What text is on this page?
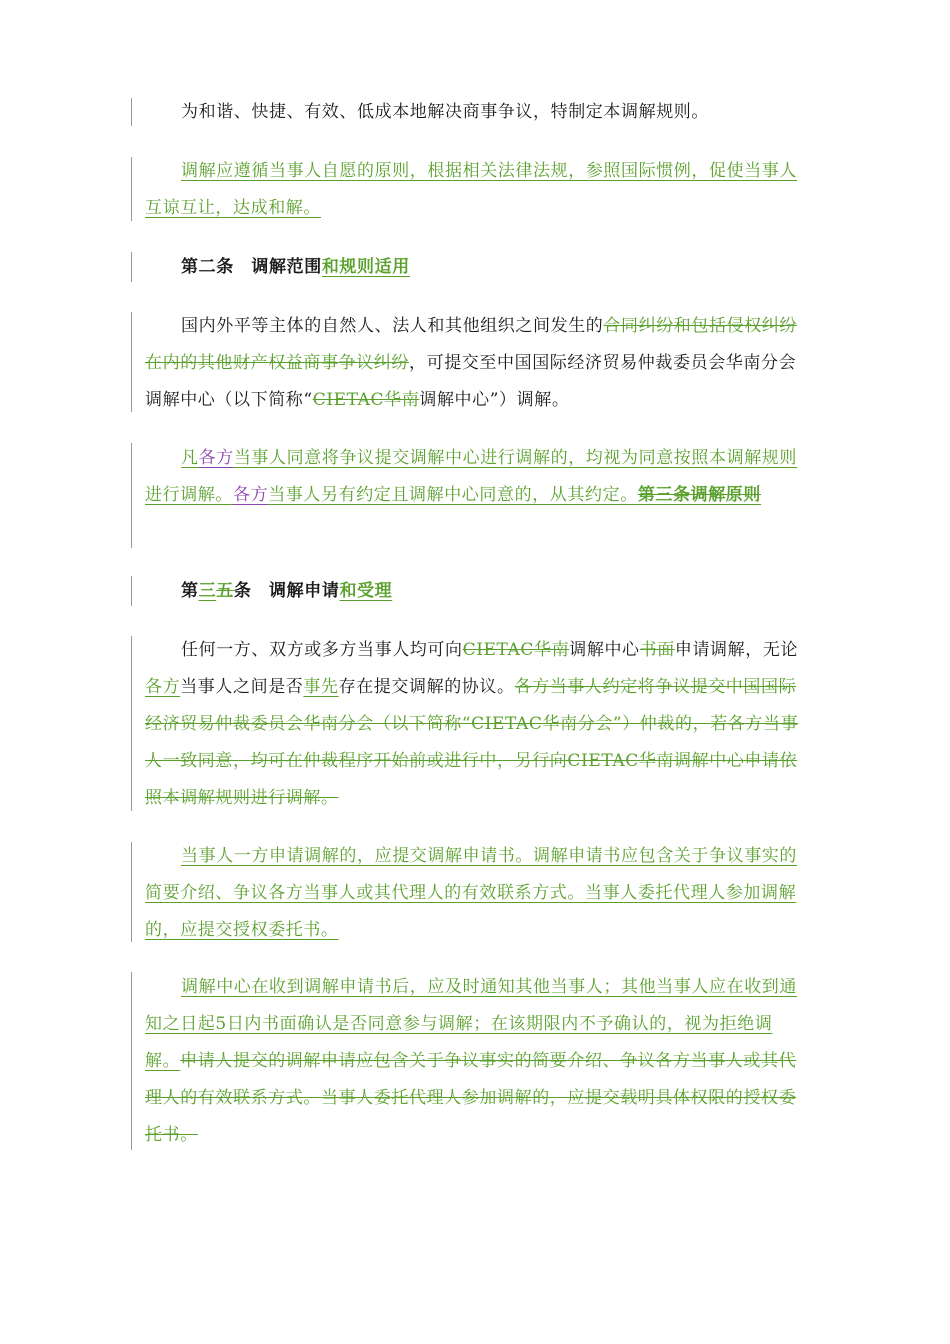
为和谐、快捷、有效、低成本地解决商事争议，特制定本调解规则。
调解应遵循当事人自愿的原则，根据相关法律法规，参照国际惯例，促使当事人互谅互让，达成和解。
第二条　 调解范围和规则适用
国内外平等主体的自然人、法人和其他组织之间发生的合同纠纷和包括侵权纠纷在内的其他财产权益商事争议纠纷，可提交至中国国际经济贸易仲裁委员会华南分会调解中心（以下简称“CIETAC华南调解中心”）调解。
凡各方当事人同意将争议提交调解中心进行调解的，均视为同意按照本调解规则进行调解。各方当事人另有约定且调解中心同意的，从其约定。第三条调解原则
第三五条　调解申请和受理
任何一方、双方或多方当事人均可向CIETAC华南调解中心书面申请调解，无论各方当事人之间是否事先存在提交调解的协议。各方当事人约定将争议提交中国国际经济贸易仲裁委员会华南分会（以下简称“CIETAC华南分会”）仲裁的，若各方当事人一致同意，均可在仲裁程序开始前或进行中，另行向CIETAC华南调解中心申请依照本调解规则进行调解。
当事人一方申请调解的，应提交调解申请书。调解申请书应包含关于争议事实的简要介绍、争议各方当事人或其代理人的有效联系方式。当事人委托代理人参加调解的，应提交授权委托书。
调解中心在收到调解申请书后，应及时通知其他当事人；其他当事人应在收到通知之日起5日内书面确认是否同意参与调解；在该期限内不予确认的，视为拒绝调解。申请人提交的调解申请应包含关于争议事实的简要介绍、争议各方当事人或其代理人的有效联系方式。当事人委托代理人参加调解的，应提交载明具体权限的授权委托书。
